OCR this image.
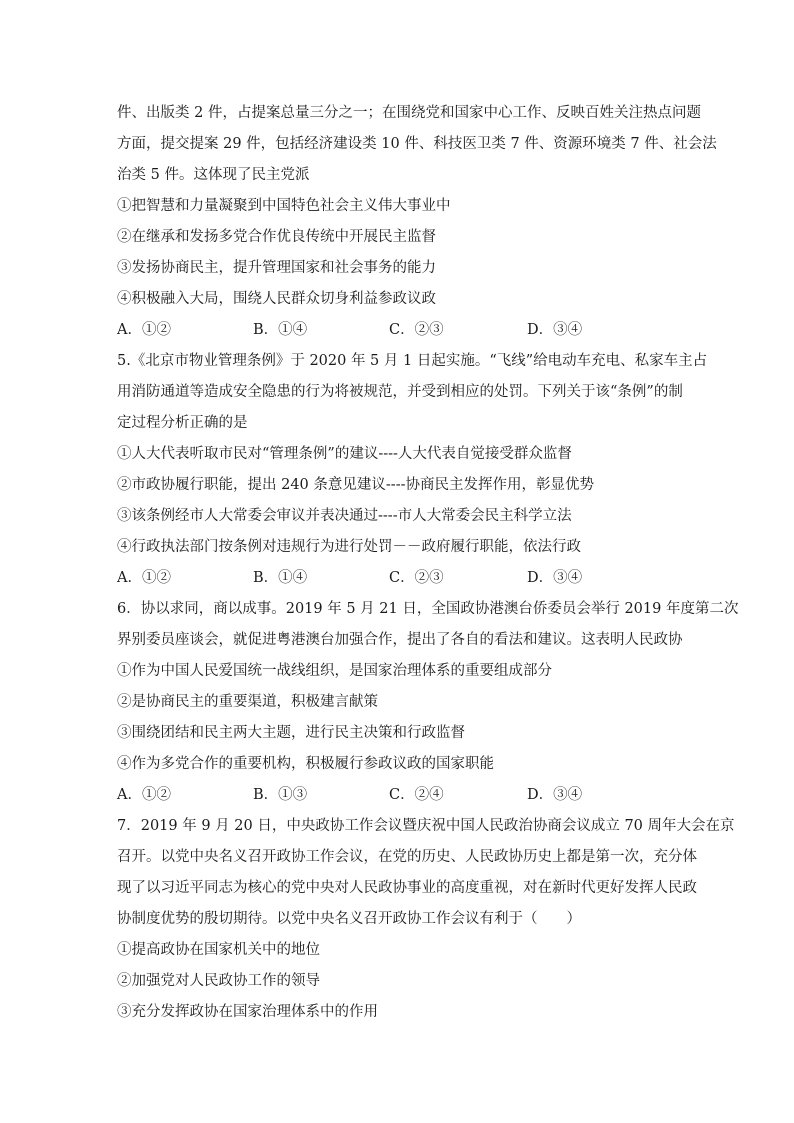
件、出版类 2 件，占提案总量三分之一；在围绕党和国家中心工作、反映百姓关注热点问题
方面，提交提案 29 件，包括经济建设类 10 件、科技医卫类 7 件、资源环境类 7 件、社会法
治类 5 件。这体现了民主党派
①把智慧和力量凝聚到中国特色社会主义伟大事业中
②在继承和发扬多党合作优良传统中开展民主监督
③发扬协商民主，提升管理国家和社会事务的能力
④积极融入大局，围绕人民群众切身利益参政议政
A．①②	B．①④	C．②③	D．③④
5.《北京市物业管理条例》于 2020 年 5 月 1 日起实施。“飞线”给电动车充电、私家车主占
用消防通道等造成安全隐患的行为将被规范，并受到相应的处罚。下列关于该“条例”的制
定过程分析正确的是
①人大代表听取市民对“管理条例”的建议----人大代表自觉接受群众监督
②市政协履行职能，提出 240 条意见建议----协商民主发挥作用，彰显优势
③该条例经市人大常委会审议并表决通过----市人大常委会民主科学立法
④行政执法部门按条例对违规行为进行处罚－－政府履行职能，依法行政
A．①②	B．①④	C．②③	D．③④
6．协以求同，商以成事。2019 年 5 月 21 日，全国政协港澳台侨委员会举行 2019 年度第二次
界别委员座谈会，就促进粤港澳台加强合作，提出了各自的看法和建议。这表明人民政协
①作为中国人民爱国统一战线组织，是国家治理体系的重要组成部分
②是协商民主的重要渠道，积极建言献策
③围绕团结和民主两大主题，进行民主决策和行政监督
④作为多党合作的重要机构，积极履行参政议政的国家职能
A．①②	B．①③	C．②④	D．③④
7．2019 年 9 月 20 日，中央政协工作会议暨庆祝中国人民政治协商会议成立 70 周年大会在京
召开。以党中央名义召开政协工作会议，在党的历史、人民政协历史上都是第一次，充分体
现了以习近平同志为核心的党中央对人民政协事业的高度重视，对在新时代更好发挥人民政
协制度优势的殷切期待。以党中央名义召开政协工作会议有利于（　　）
①提高政协在国家机关中的地位
②加强党对人民政协工作的领导
③充分发挥政协在国家治理体系中的作用
